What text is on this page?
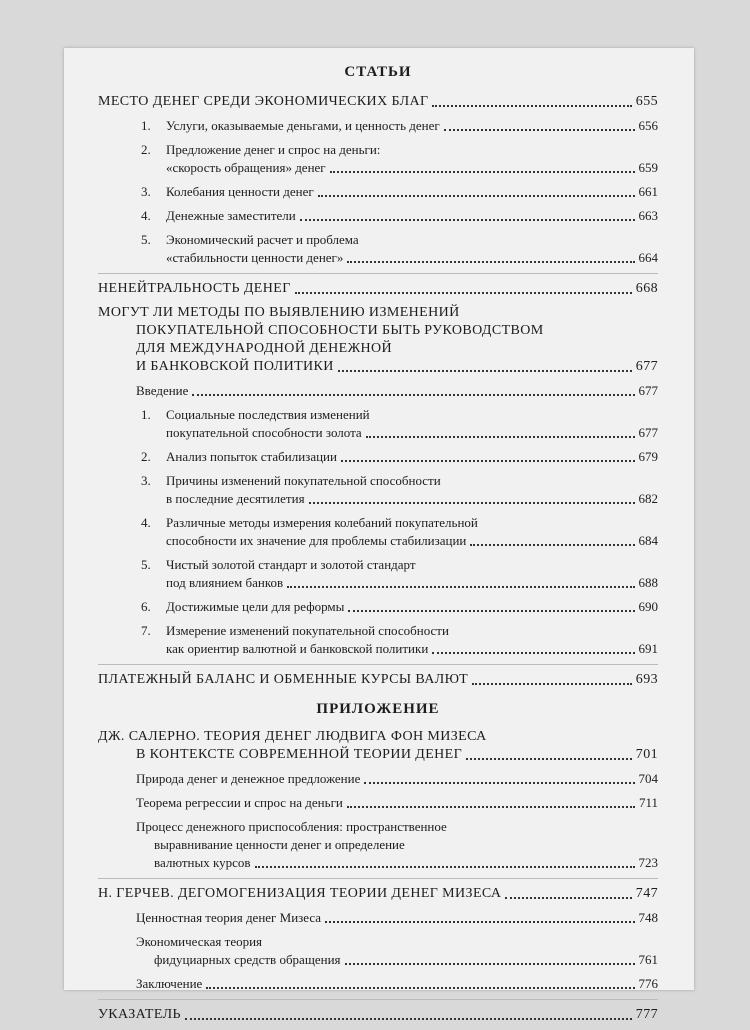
СТАТЬИ
МЕСТО ДЕНЕГ СРЕДИ ЭКОНОМИЧЕСКИХ БЛАГ	655
1. Услуги, оказываемые деньгами, и ценность денег	656
2. Предложение денег и спрос на деньги:
«скорость обращения» денег	659
3. Колебания ценности денег	661
4. Денежные заместители	663
5. Экономический расчет и проблема
«стабильности ценности денег»	664
НЕНЕЙТРАЛЬНОСТЬ ДЕНЕГ	668
МОГУТ ЛИ МЕТОДЫ ПО ВЫЯВЛЕНИЮ ИЗМЕНЕНИЙ
ПОКУПАТЕЛЬНОЙ СПОСОБНОСТИ БЫТЬ РУКОВОДСТВОМ
ДЛЯ МЕЖДУНАРОДНОЙ ДЕНЕЖНОЙ
И БАНКОВСКОЙ ПОЛИТИКИ	677
Введение	677
1. Социальные последствия изменений
покупательной способности золота	677
2. Анализ попыток стабилизации	679
3. Причины изменений покупательной способности
в последние десятилетия	682
4. Различные методы измерения колебаний покупательной
способности их значение для проблемы стабилизации	684
5. Чистый золотой стандарт и золотой стандарт
под влиянием банков	688
6. Достижимые цели для реформы	690
7. Измерение изменений покупательной способности
как ориентир валютной и банковской политики	691
ПЛАТЕЖНЫЙ БАЛАНС И ОБМЕННЫЕ КУРСЫ ВАЛЮТ	693
ПРИЛОЖЕНИЕ
ДЖ. САЛЕРНО. ТЕОРИЯ ДЕНЕГ ЛЮДВИГА ФОН МИЗЕСА
В КОНТЕКСТЕ СОВРЕМЕННОЙ ТЕОРИИ ДЕНЕГ	701
Природа денег и денежное предложение	704
Теорема регрессии и спрос на деньги	711
Процесс денежного приспособления: пространственное
выравнивание ценности денег и определение
валютных курсов	723
Н. ГЕРЧЕВ. ДЕГОМОГЕНИЗАЦИЯ ТЕОРИИ ДЕНЕГ МИЗЕСА	747
Ценностная теория денег Мизеса	748
Экономическая теория
фидуциарных средств обращения	761
Заключение	776
УКАЗАТЕЛЬ	777
